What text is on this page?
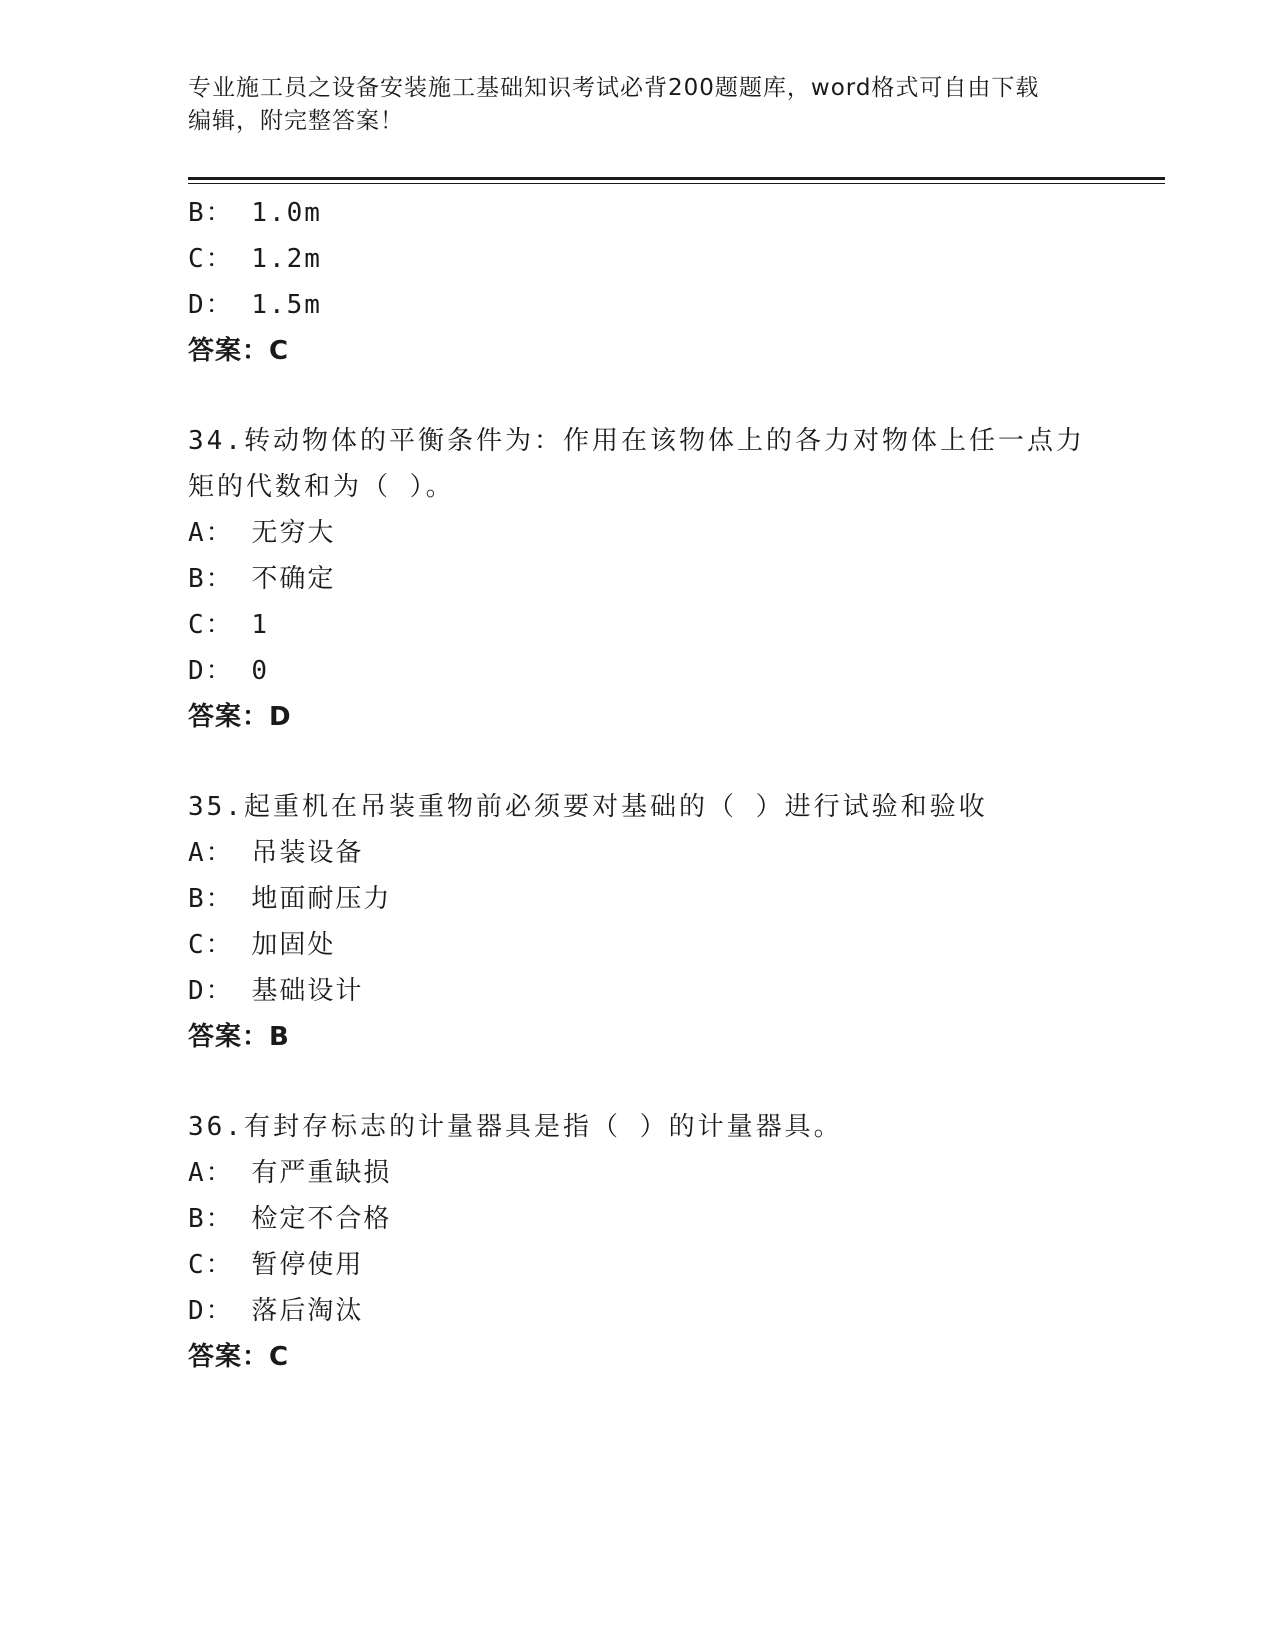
专业施工员之设备安装施工基础知识考试必背200题题库，word格式可自由下载
编辑，附完整答案！
B： 1.0m
C： 1.2m
D： 1.5m
答案：C
34.转动物体的平衡条件为：作用在该物体上的各力对物体上任一点力
矩的代数和为（ ）。
A： 无穷大
B： 不确定
C： 1
D： 0
答案：D
35.起重机在吊装重物前必须要对基础的（ ）进行试验和验收
A： 吊装设备
B： 地面耐压力
C： 加固处
D： 基础设计
答案：B
36.有封存标志的计量器具是指（ ）的计量器具。
A： 有严重缺损
B： 检定不合格
C： 暂停使用
D： 落后淘汰
答案：C
